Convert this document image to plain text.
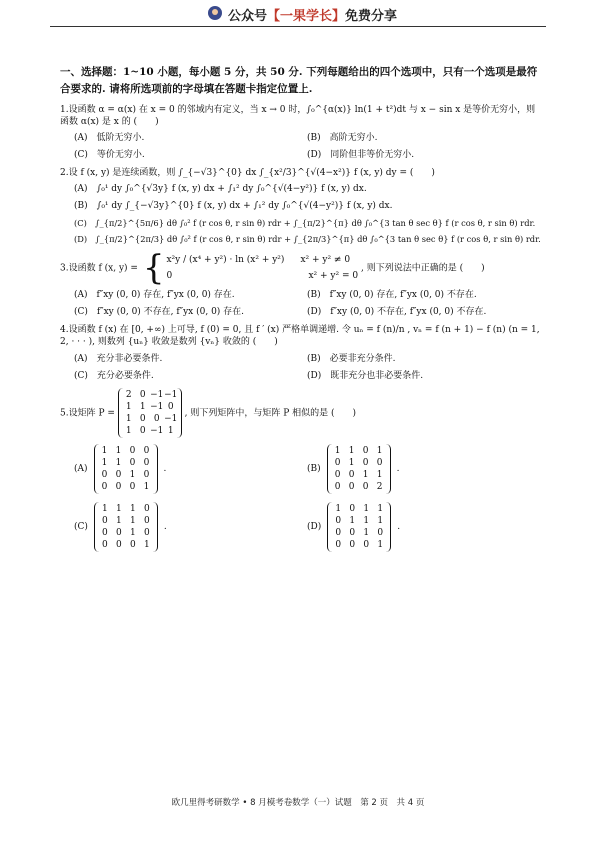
公众号【一果学长】免费分享
一、选择题：1~10 小题，每小题 5 分，共 50 分. 下列每题给出的四个选项中，只有一个选项是最符合要求的. 请将所选项前的字母填在答题卡指定位置上.
1.设函数 α = α(x) 在 x = 0 的邻域内有定义，当 x → 0 时，∫₀^{α(x)} ln(1 + t²)dt 与 x − sin x 是等价无穷小，则函数 α(x) 是 x 的 (　　)
(A)　低阶无穷小.	(B)　高阶无穷小.
(C)　等价无穷小.	(D)　同阶但非等价无穷小.
2.设 f (x, y) 是连续函数，则 ∫_{−√3}^{0} dx ∫_{x²/3}^{√(4−x²)} f (x, y) dy = (　　)
(A)　∫₀¹ dy ∫₀^{√3y} f (x, y) dx + ∫₁² dy ∫₀^{√(4−y²)} f (x, y) dx.
(B)　∫₀¹ dy ∫_{−√3y}^{0} f (x, y) dx + ∫₁² dy ∫₀^{√(4−y²)} f (x, y) dx.
(C)　∫_{π/2}^{5π/6} dθ ∫₀² f (r cos θ, r sin θ) rdr + ∫_{π/2}^{π} dθ ∫₀^{3 tan θ sec θ} f (r cos θ, r sin θ) rdr.
(D)　∫_{π/2}^{2π/3} dθ ∫₀² f (r cos θ, r sin θ) rdr + ∫_{2π/3}^{π} dθ ∫₀^{3 tan θ sec θ} f (r cos θ, r sin θ) rdr.
3.设函数 f (x, y) = { x²y / (x⁴ + y²) · ln (x² + y²) x² + y² ≠ 0
0	x² + y² = 0
, 则下列说法中正确的是 (　　)
(A)　f″xy (0, 0) 存在, f″yx (0, 0) 存在.	(B)　f″xy (0, 0) 存在, f″yx (0, 0) 不存在.
(C)　f″xy (0, 0) 不存在, f″yx (0, 0) 存在.	(D)　f″xy (0, 0) 不存在, f″yx (0, 0) 不存在.
4.设函数 f (x) 在 [0, +∞) 上可导, f (0) = 0, 且 f ′ (x) 严格单调递增. 令 uₙ = f (n)/n , vₙ = f (n + 1) − f (n) (n = 1, 2, · · · ), 则数列 {uₙ} 收敛是数列 {vₙ} 收敛的 (　　)
(A)　充分非必要条件.	(B)　必要非充分条件.
(C)　充分必要条件.	(D)　既非充分也非必要条件.
5.设矩阵 P =
2 0 −1 −1
1 1 −1 0
1 0 0 −1
1 0 −1 1
, 则下列矩阵中，与矩阵 P 相似的是 (　　)
(A)
1 1 0 0
1 1 0 0
0 0 1 0
0 0 0 1
.	(B)
1 1 0 1
0 1 0 0
0 0 1 1
0 0 0 2
.
(C)
1 1 1 0
0 1 1 0
0 0 1 0
0 0 0 1
.	(D)
1 0 1 1
0 1 1 1
0 0 1 0
0 0 0 1
.
欧几里得考研数学 • 8 月模考卷数学（一）试题　第 2 页　共 4 页
